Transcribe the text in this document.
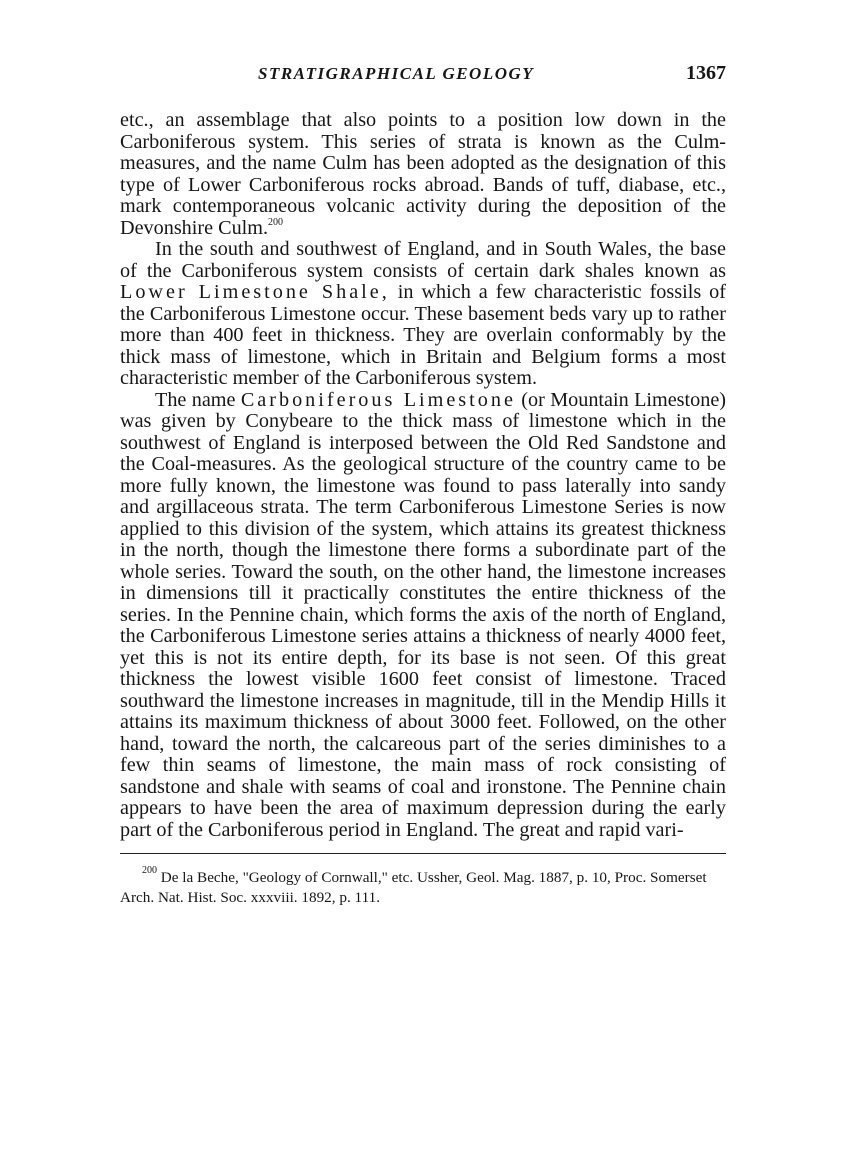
STRATIGRAPHICAL GEOLOGY	1367

etc., an assemblage that also points to a position low down in the Carboniferous system. This series of strata is known as the Culm-measures, and the name Culm has been adopted as the designation of this type of Lower Carboniferous rocks abroad. Bands of tuff, diabase, etc., mark contemporaneous volcanic activity during the deposition of the Devonshire Culm.$^{200}$

In the south and southwest of England, and in South Wales, the base of the Carboniferous system consists of certain dark shales known as Lower Limestone Shale, in which a few characteristic fossils of the Carboniferous Limestone occur. These basement beds vary up to rather more than 400 feet in thickness. They are overlain conformably by the thick mass of limestone, which in Britain and Belgium forms a most characteristic member of the Carboniferous system.

The name Carboniferous Limestone (or Mountain Limestone) was given by Conybeare to the thick mass of limestone which in the southwest of England is interposed between the Old Red Sandstone and the Coal-measures. As the geological structure of the country came to be more fully known, the limestone was found to pass laterally into sandy and argillaceous strata. The term Carboniferous Limestone Series is now applied to this division of the system, which attains its greatest thickness in the north, though the limestone there forms a subordinate part of the whole series. Toward the south, on the other hand, the limestone increases in dimensions till it practically constitutes the entire thickness of the series. In the Pennine chain, which forms the axis of the north of England, the Carboniferous Limestone series attains a thickness of nearly 4000 feet, yet this is not its entire depth, for its base is not seen. Of this great thickness the lowest visible 1600 feet consist of limestone. Traced southward the limestone increases in magnitude, till in the Mendip Hills it attains its maximum thickness of about 3000 feet. Followed, on the other hand, toward the north, the calcareous part of the series diminishes to a few thin seams of limestone, the main mass of rock consisting of sandstone and shale with seams of coal and ironstone. The Pennine chain appears to have been the area of maximum depression during the early part of the Carboniferous period in England. The great and rapid vari-

$^{200}$ De la Beche, "Geology of Cornwall," etc. Ussher, Geol. Mag. 1887, p. 10, Proc. Somerset Arch. Nat. Hist. Soc. xxxviii. 1892, p. 111.
